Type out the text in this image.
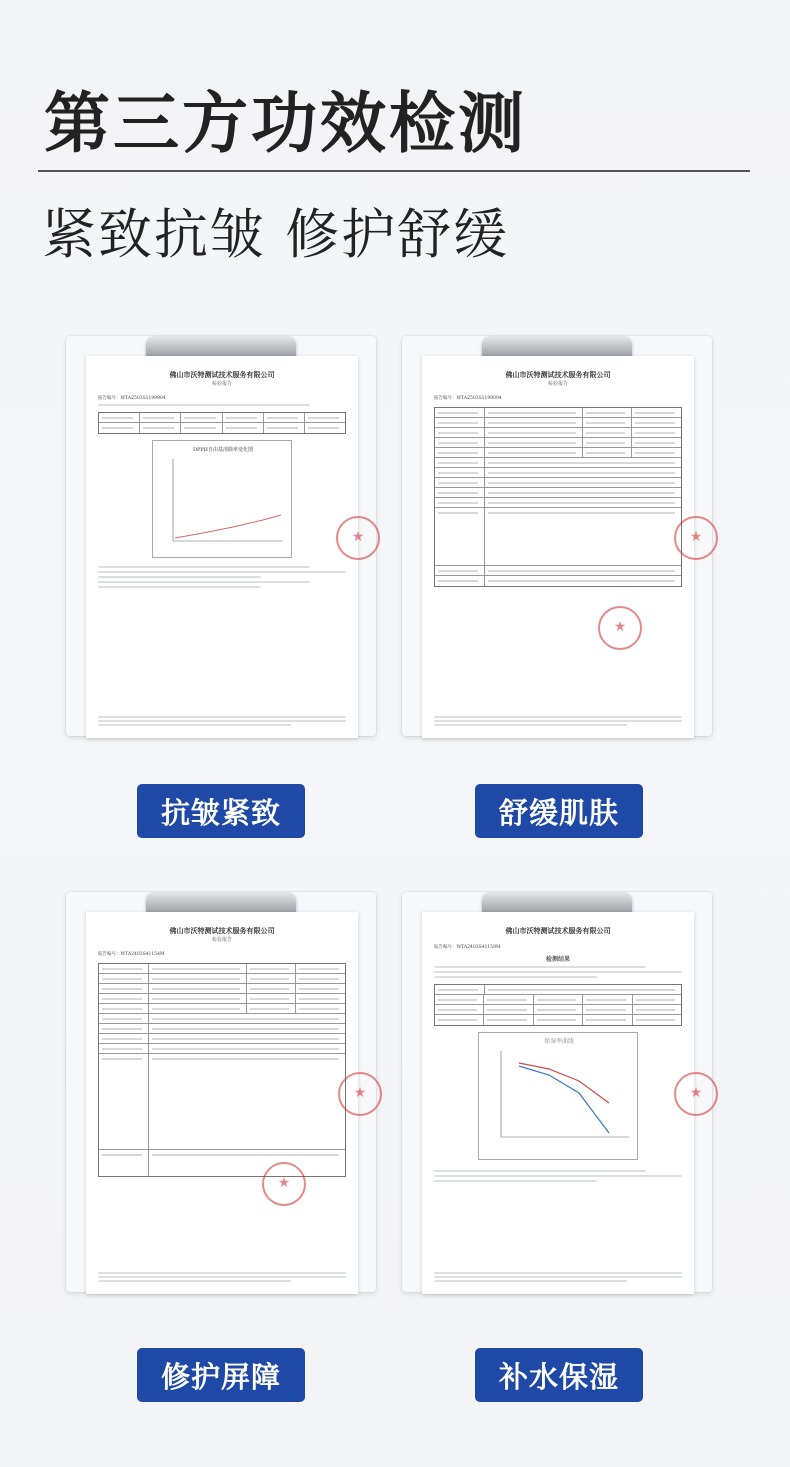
第三方功效检测
紧致抗皱 修护舒缓
佛山市沃特测试技术服务有限公司
检验报告
报告编号：WTA2503S1199904
DPPH自由基清除率变化图
★
佛山市沃特测试技术服务有限公司
检验报告
报告编号：WTA2503S1199094
★
★
佛山市沃特测试技术服务有限公司
检验报告
报告编号：WTA2403S41154M
★
★
佛山市沃特测试技术服务有限公司
报告编号：WTA2403S41159M
检测结果
保湿率曲线
★
抗皱紧致	舒缓肌肤
修护屏障	补水保湿
